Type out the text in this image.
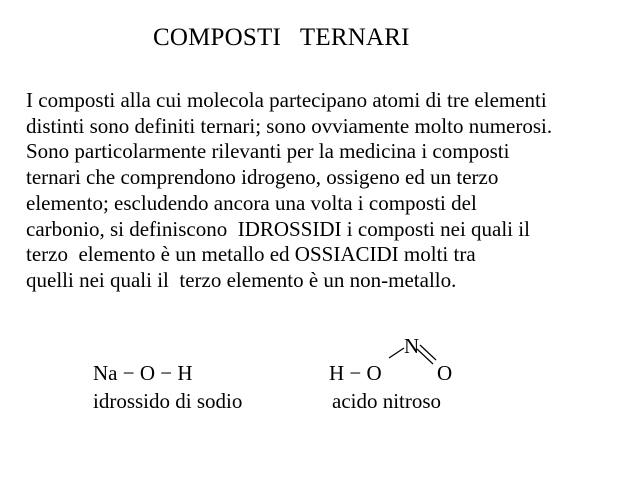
COMPOSTI   TERNARI
I composti alla cui molecola partecipano atomi di tre elementi
distinti sono definiti ternari; sono ovviamente molto numerosi.
Sono particolarmente rilevanti per la medicina i composti
ternari che comprendono idrogeno, ossigeno ed un terzo
elemento; escludendo ancora una volta i composti del
carbonio, si definiscono  IDROSSIDI i composti nei quali il
terzo  elemento è un metallo ed OSSIACIDI molti tra
quelli nei quali il  terzo elemento è un non-metallo.
Na − O − H
idrossido di sodio
H − O
N
O
acido nitroso
